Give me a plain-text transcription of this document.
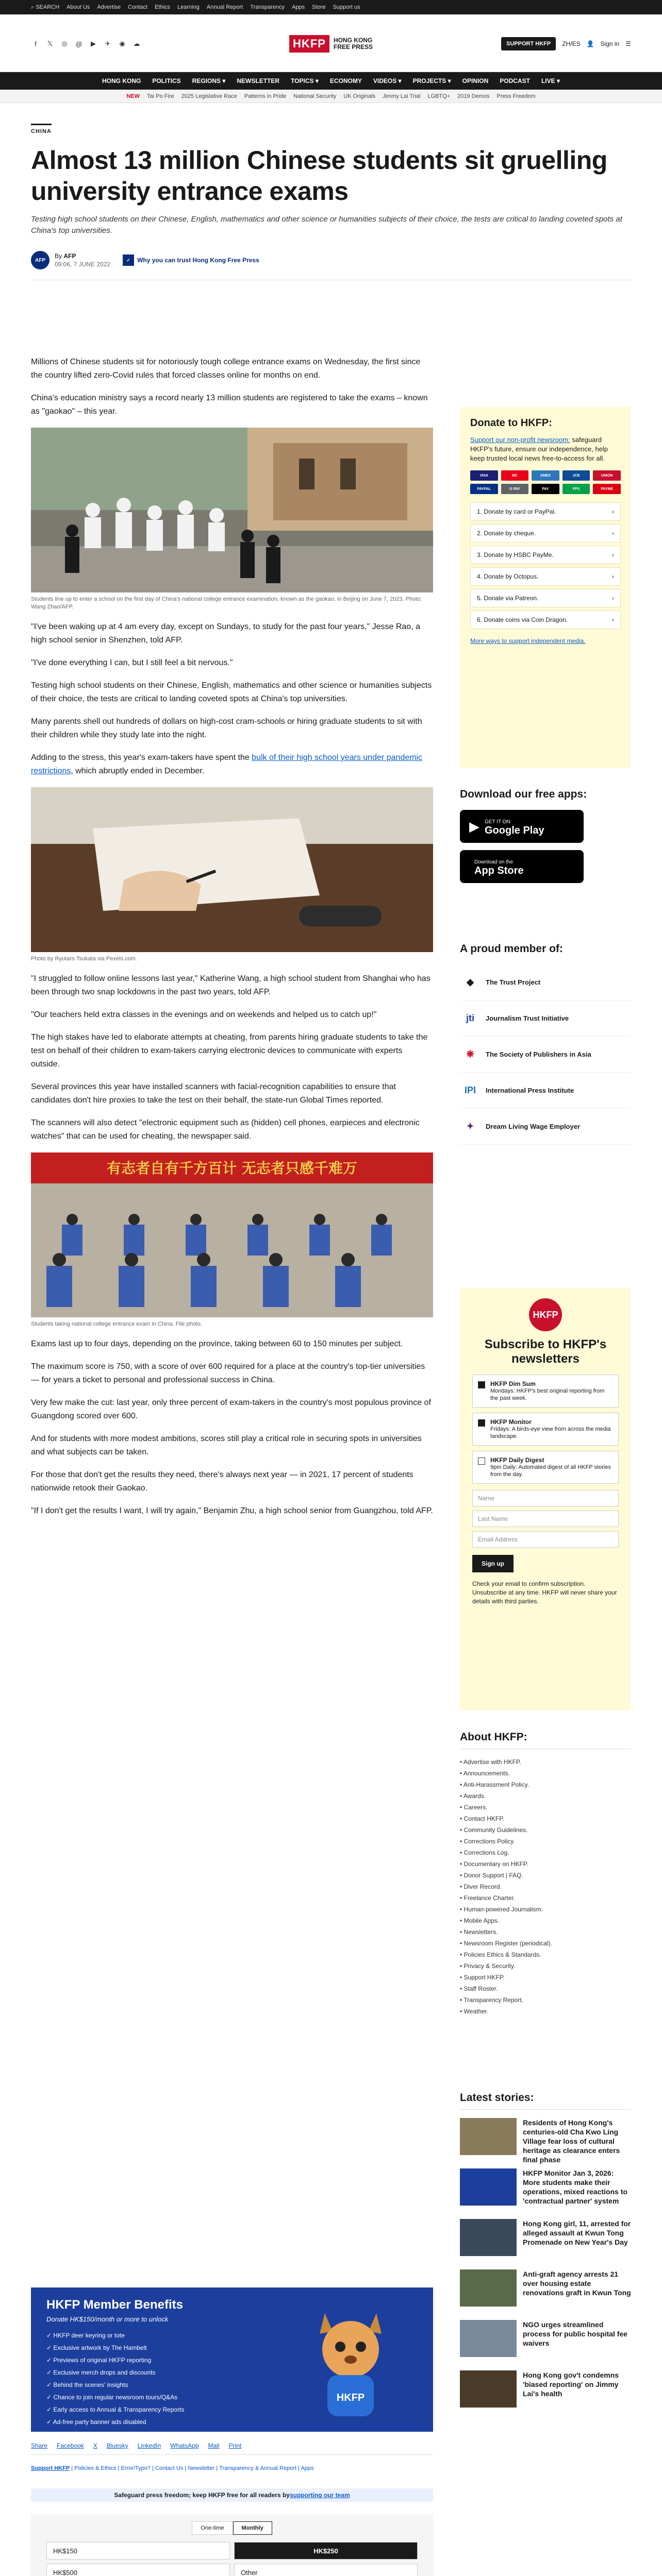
⌕ SEARCH About Us Advertise Contact Ethics Learning Annual Report Transparency Apps Store Support us
f	𝕏 ◎ @	▶	✈ ◉ ☁	HKFP	HONG KONG
FREE PRESS	SUPPORT HKFP	ZH/ES 👤 Sign in ☰
HONG KONG POLITICS REGIONS ▾ NEWSLETTER TOPICS ▾ ECONOMY VIDEOS ▾ PROJECTS ▾ OPINION PODCAST LIVE ▾
NEW Tai Po Fire 2025 Legislative Race Patterns in Pride National Security UK Originals Jimmy Lai Trial LGBTQ+ 2019 Demos Press Freedom
CHINA
Almost 13 million Chinese students sit gruelling university entrance exams

Testing high school students on their Chinese, English, mathematics and other science or humanities subjects of their choice, the tests are critical to landing coveted spots at China's top universities.

AFP
By AFP
09:06, 7 JUNE 2022
✓	Why you can trust Hong Kong Free Press

Millions of Chinese students sit for notoriously tough college entrance exams on Wednesday, the first since the country lifted zero-Covid rules that forced classes online for months on end.

China's education ministry says a record nearly 13 million students are registered to take the exams – known as "gaokao" – this year.

Students line up to enter a school on the first day of China's national college entrance examination, known as the gaokao, in Beijing on June 7, 2023. Photo: Wang Zhao/AFP.

"I've been waking up at 4 am every day, except on Sundays, to study for the past four years," Jesse Rao, a high school senior in Shenzhen, told AFP.

"I've done everything I can, but I still feel a bit nervous."

Testing high school students on their Chinese, English, mathematics and other science or humanities subjects of their choice, the tests are critical to landing coveted spots at China's top universities.

Many parents shell out hundreds of dollars on high-cost cram-schools or hiring graduate students to sit with their children while they study late into the night.

Adding to the stress, this year's exam-takers have spent the bulk of their high school years under pandemic restrictions, which abruptly ended in December.

Photo by Ryutaro Tsukata via Pexels.com.

"I struggled to follow online lessons last year," Katherine Wang, a high school student from Shanghai who has been through two snap lockdowns in the past two years, told AFP.

"Our teachers held extra classes in the evenings and on weekends and helped us to catch up!"

The high stakes have led to elaborate attempts at cheating, from parents hiring graduate students to take the test on behalf of their children to exam-takers carrying electronic devices to communicate with experts outside.

Several provinces this year have installed scanners with facial-recognition capabilities to ensure that candidates don't hire proxies to take the test on their behalf, the state-run Global Times reported.

The scanners will also detect "electronic equipment such as (hidden) cell phones, earpieces and electronic watches" that can be used for cheating, the newspaper said.

有志者自有千方百计 无志者只感千难万

Students taking national college entrance exam in China. File photo.

Exams last up to four days, depending on the province, taking between 60 to 150 minutes per subject.

The maximum score is 750, with a score of over 600 required for a place at the country's top-tier universities — for years a ticket to personal and professional success in China.

Very few make the cut: last year, only three percent of exam-takers in the country's most populous province of Guangdong scored over 600.

And for students with more modest ambitions, scores still play a critical role in securing spots in universities and what subjects can be taken.

For those that don't get the results they need, there's always next year — in 2021, 17 percent of students nationwide retook their Gaokao.

"If I don't get the results I want, I will try again," Benjamin Zhu, a high school senior from Guangzhou, told AFP.

HKFP Member Benefits
Donate HK$150/month or more to unlock
✓ HKFP deer keyring or tote
✓ Exclusive artwork by The Hambelt
✓ Previews of original HKFP reporting
✓ Exclusive merch drops and discounts
✓ Behind the scenes' insights
✓ Chance to join regular newsroom tours/Q&As
✓ Early access to Annual & Transparency Reports
✓ Ad-free party banner ads disabled
HKFP
Share Facebook X Bluesky LinkedIn WhatsApp Mail Print
Support HKFP | Policies & Ethics | Error/Typo? | Contact Us | Newsletter | Transparency & Annual Report | Apps
Safeguard press freedom; keep HKFP free for all readers by supporting our team
One-time	Monthly
HK$150	HK$250
HK$500	Other
Donate to HKFP:

Support our non-profit newsroom: safeguard HKFP's future, ensure our independence, help keep trusted local news free-to-access for all.

VISA	MC	AMEX	JCB	UNION
PAYPAL	G PAY	PAY	FPS	PAYME
1. Donate by card or PayPal.	›
2. Donate by cheque.	›
3. Donate by HSBC PayMe.	›
4. Donate by Octopus.	›
5. Donate via Patreon.	›
6. Donate coins via Coin Dragon.	›
More ways to support independent media.
Download our free apps:
▶ GET IT ON
Google Play
Download on the
App Store
A proud member of:
◆	The Trust Project
jti	Journalism Trust Initiative
❋	The Society of Publishers in Asia
IPI	International Press Institute
✦	Dream Living Wage Employer
HKFP
Subscribe to HKFP's newsletters
HKFP Dim Sum
Mondays: HKFP's best original reporting from the past week.
HKFP Monitor
Fridays: A birds-eye view from across the media landscape.
HKFP Daily Digest
9pm Daily: Automated digest of all HKFP stories from the day.
Name
Last Name
Email Address
Sign up

Check your email to confirm subscription. Unsubscribe at any time. HKFP will never share your details with third parties.

About HKFP:
• Advertise with HKFP.
• Announcements.
• Anti-Harassment Policy.
• Awards.
• Careers.
• Contact HKFP.
• Community Guidelines.
• Corrections Policy.
• Corrections Log.
• Documentary on HKFP.
• Donor Support | FAQ.
• Diver Record.
• Freelance Charter.
• Human-powered Journalism.
• Mobile Apps.
• Newsletters.
• Newsroom Register (periodical).
• Policies Ethics & Standards.
• Privacy & Security.
• Support HKFP.
• Staff Roster.
• Transparency Report.
• Weather.
Latest stories:
Residents of Hong Kong's centuries-old Cha Kwo Ling Village fear loss of cultural heritage as clearance enters final phase
HKFP Monitor Jan 3, 2026: More students make their operations, mixed reactions to 'contractual partner' system
Hong Kong girl, 11, arrested for alleged assault at Kwun Tong Promenade on New Year's Day
Anti-graft agency arrests 21 over housing estate renovations graft in Kwun Tong
NGO urges streamlined process for public hospital fee waivers
Hong Kong gov't condemns 'biased reporting' on Jimmy Lai's health
